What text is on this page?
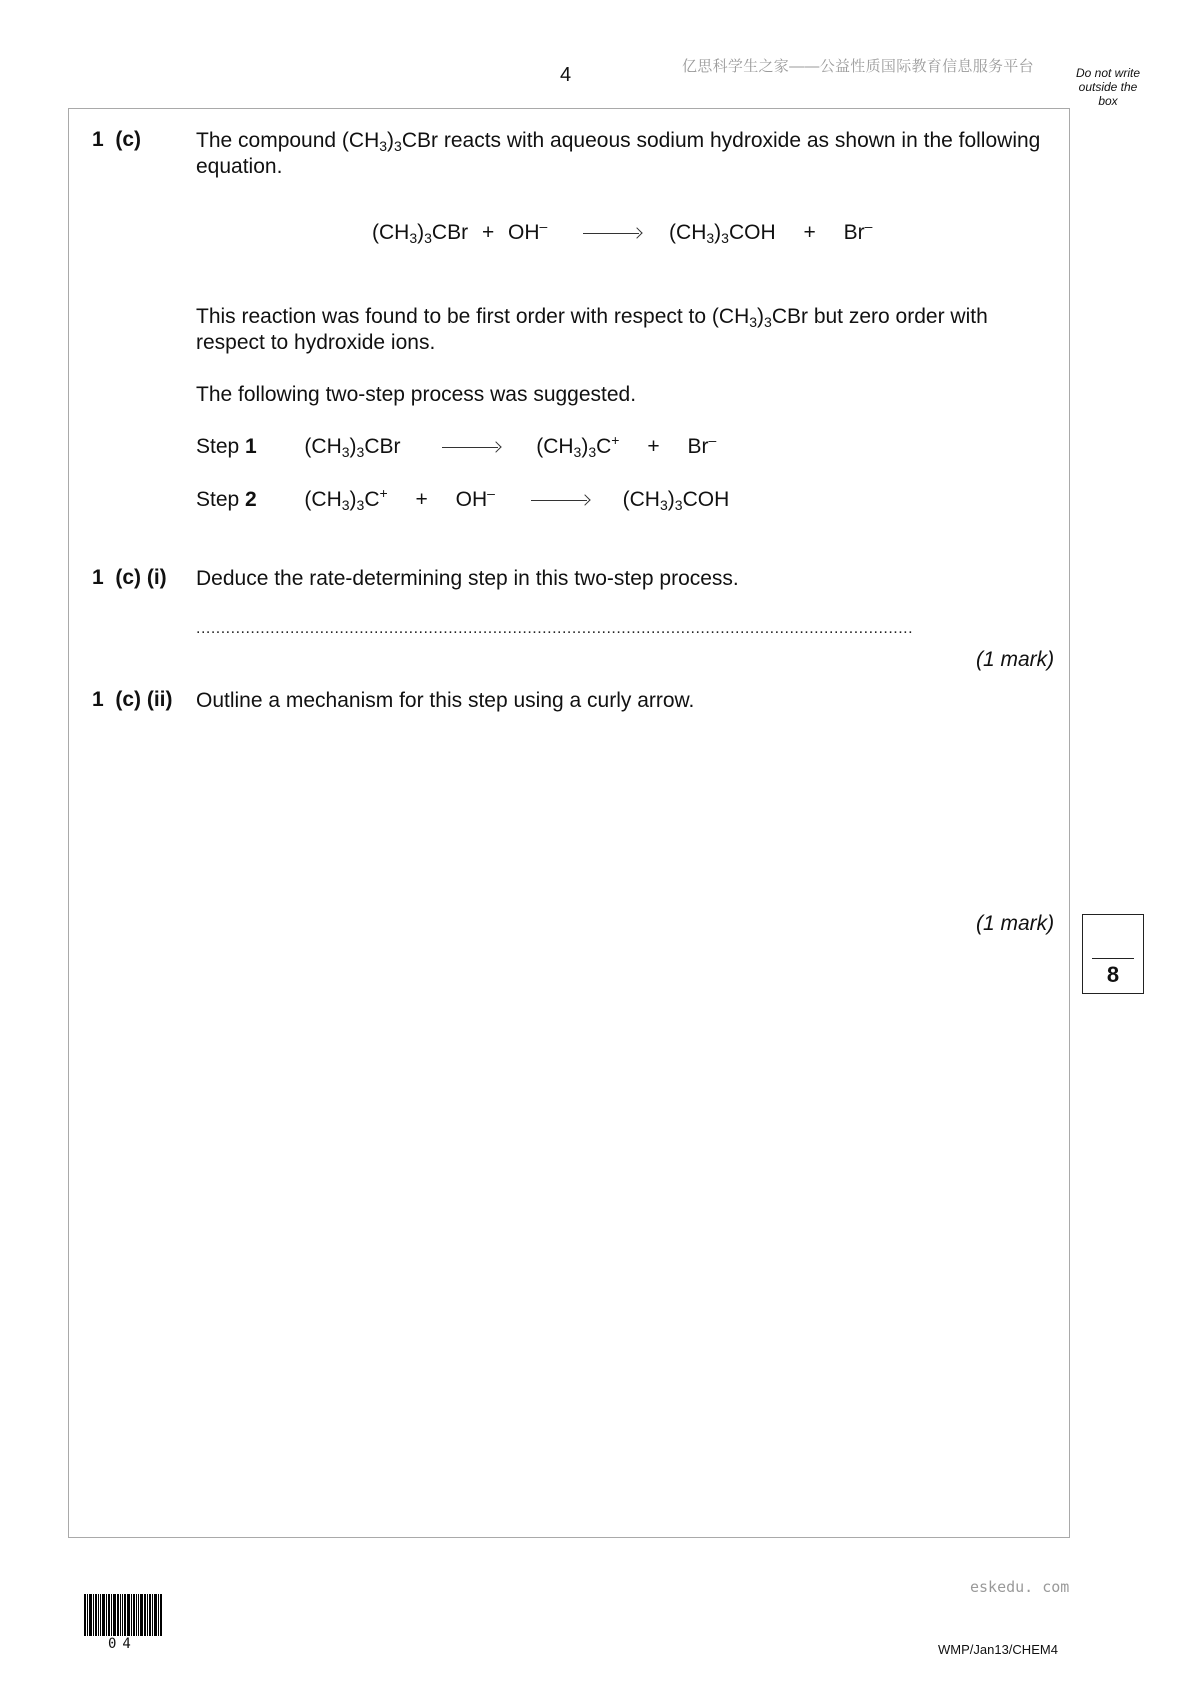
4	亿思科学生之家——公益性质国际教育信息服务平台	Do not write outside the box
1  (c)	The compound $(CH_3)_3CBr$ reacts with aqueous sodium hydroxide as shown in the following equation.
$(CH_3)_3CBr + OH^-$	$(CH_3)_3COH + Br^-$
This reaction was found to be first order with respect to $(CH_3)_3CBr$ but zero order with respect to hydroxide ions.
The following two-step process was suggested.
Step 1 $(CH_3)_3CBr$	$(CH_3)_3C^+ + Br^-$
Step 2 $(CH_3)_3C^+ + OH^-$	$(CH_3)_3COH$
1  (c) (i) Deduce the rate-determining step in this two-step process.
.................................................................................................................................................
(1 mark)
1  (c) (ii) Outline a mechanism for this step using a curly arrow.
(1 mark)
8
eskedu. com
WMP/Jan13/CHEM4
04
